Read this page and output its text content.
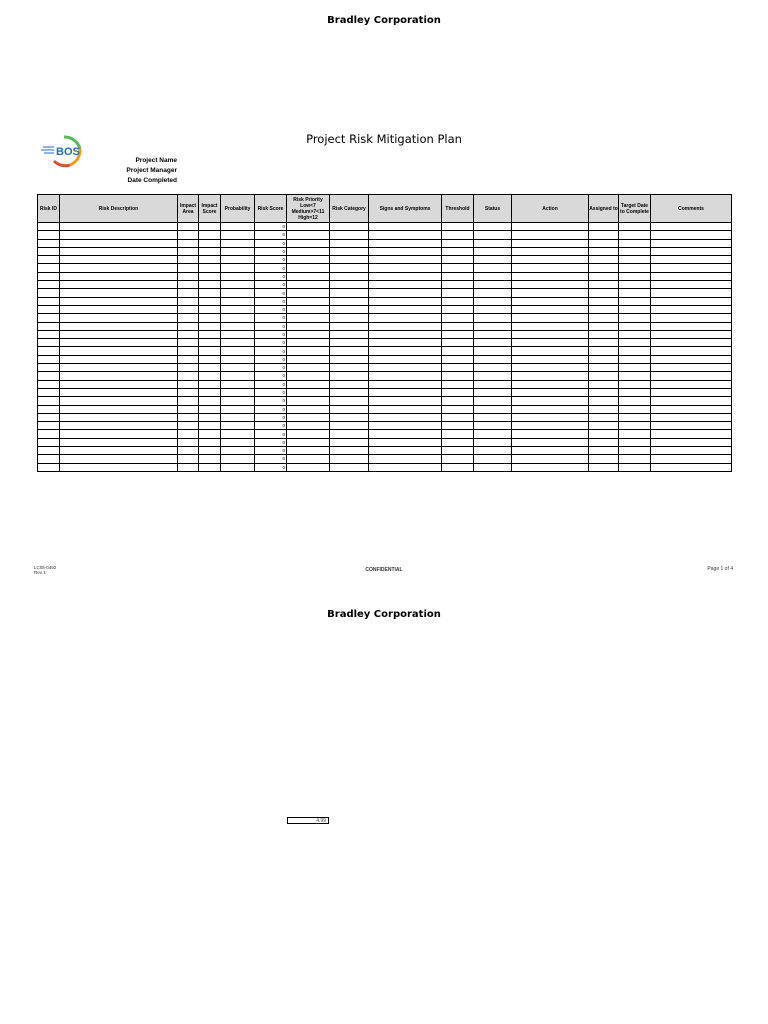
Bradley Corporation
BOS
Project Risk Mitigation Plan
Project Name
Project Manager
Date Completed
Risk ID	Risk Description	Impact Area	Impact Score	Probability	Risk Score	Risk Priority Low<7 Medium>7<11 High=12	Risk Category	Signs and Symptoms	Threshold	Status	Action	Assigned to	Target Date to Complete	Comments
					0									
					0									
					0									
					0									
					0									
					0									
					0									
					0									
					0									
					0									
					0									
					0									
					0									
					0									
					0									
					0									
					0									
					0									
					0									
					0									
					0									
					0									
					0									
					0									
					0									
					0									
					0									
					0									
					0									
					0									
LC08-0492
Rev 1	CONFIDENTIAL	Page 1 of 4
Bradley Corporation
4.99
